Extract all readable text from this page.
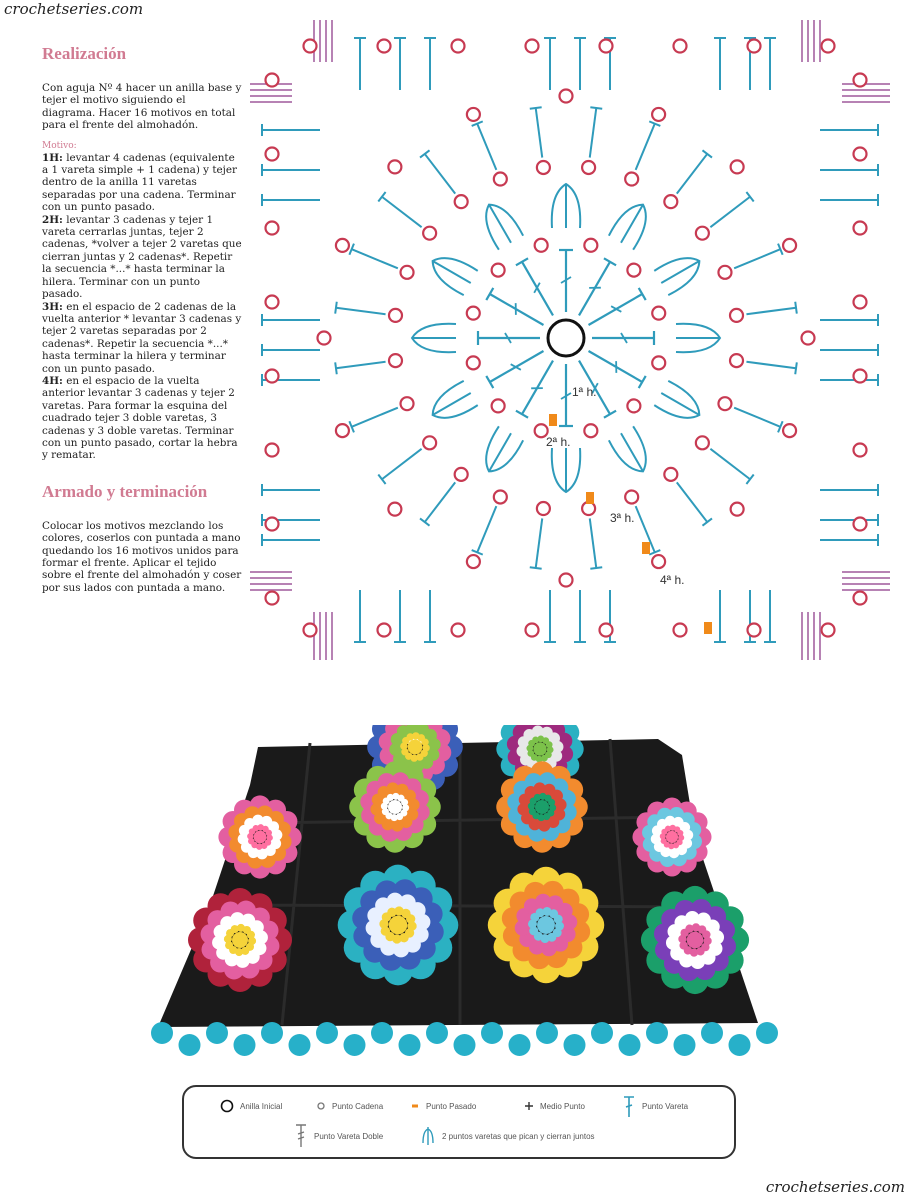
crochetseries.com
Realización

Con aguja Nº 4 hacer un anilla base y tejer el motivo siguiendo el diagrama. Hacer 16 motivos en total para el frente del almohadón.

Motivo:

1H: levantar 4 cadenas (equivalente a 1 vareta simple + 1 cadena) y tejer dentro de la anilla 11 varetas separadas por una cadena. Terminar con un punto pasado.

2H: levantar 3 cadenas y tejer 1 vareta cerrarlas juntas, tejer 2 cadenas, *volver a tejer 2 varetas que cierran juntas y 2 cadenas*. Repetir la secuencia *...* hasta terminar la hilera. Terminar con un punto pasado.

3H: en el espacio de 2 cadenas de la vuelta anterior * levantar 3 cadenas y tejer 2 varetas separadas por 2 cadenas*. Repetir la secuencia *...* hasta terminar la hilera y terminar con un punto pasado.

4H: en el espacio de la vuelta anterior levantar 3 cadenas y tejer 2 varetas. Para formar la esquina del cuadrado tejer 3 doble varetas, 3 cadenas y 3 doble varetas. Terminar con un punto pasado, cortar la hebra y rematar.

Armado y terminación

Colocar los motivos mezclando los colores, coserlos con puntada a mano quedando los 16 motivos unidos para formar el frente. Aplicar el tejido sobre el frente del almohadón y coser por sus lados con puntada a mano.

1ª h.
2ª h.
3ª h.
4ª h.
Anilla Inicial	Punto Cadena	Punto Pasado	Medio Punto	Punto Vareta
Punto Vareta Doble	2 puntos varetas que pican y cierran juntos
crochetseries.com
